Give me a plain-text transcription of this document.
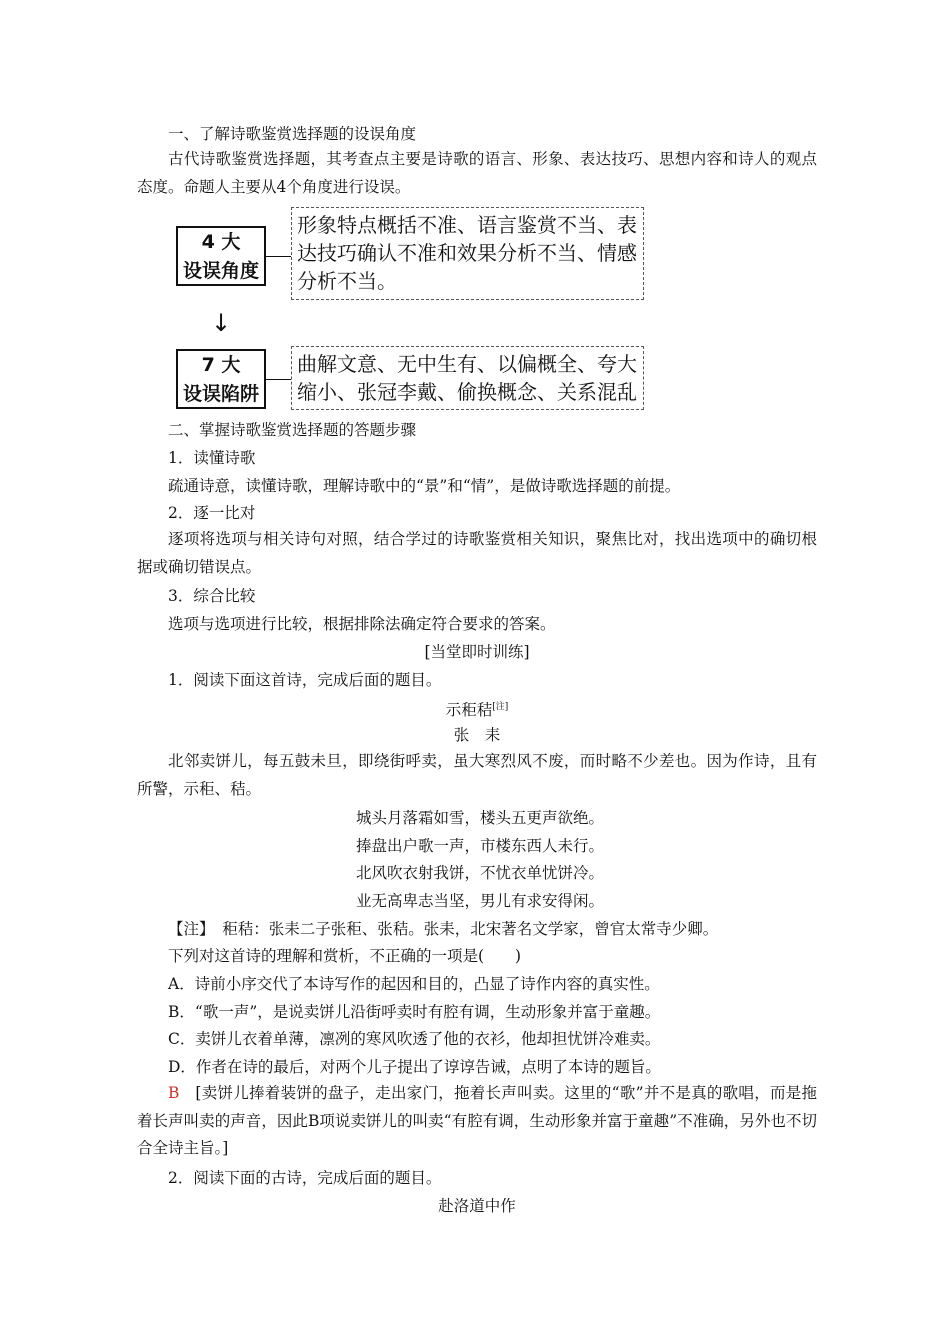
一、了解诗歌鉴赏选择题的设误角度
古代诗歌鉴赏选择题，其考查点主要是诗歌的语言、形象、表达技巧、思想内容和诗人的观点态度。命题人主要从4个角度进行设误。
4 大
设误角度
形象特点概括不准、语言鉴赏不当、表达技巧确认不准和效果分析不当、情感分析不当。
↓
7 大
设误陷阱
曲解文意、无中生有、以偏概全、夸大缩小、张冠李戴、偷换概念、关系混乱
二、掌握诗歌鉴赏选择题的答题步骤
1．读懂诗歌
疏通诗意，读懂诗歌，理解诗歌中的“景”和“情”，是做诗歌选择题的前提。
2．逐一比对
逐项将选项与相关诗句对照，结合学过的诗歌鉴赏相关知识，聚焦比对，找出选项中的确切根据或确切错误点。
3．综合比较
选项与选项进行比较，根据排除法确定符合要求的答案。
[当堂即时训练]
1．阅读下面这首诗，完成后面的题目。
示秬秸[注]
张　耒
北邻卖饼儿，每五鼓未旦，即绕街呼卖，虽大寒烈风不废，而时略不少差也。因为作诗，且有所警，示秬、秸。
城头月落霜如雪，楼头五更声欲绝。
捧盘出户歌一声，市楼东西人未行。
北风吹衣射我饼，不忧衣单忧饼冷。
业无高卑志当坚，男儿有求安得闲。
【注】　秬秸：张耒二子张秬、张秸。张耒，北宋著名文学家，曾官太常寺少卿。
下列对这首诗的理解和赏析，不正确的一项是(　　)
A．诗前小序交代了本诗写作的起因和目的，凸显了诗作内容的真实性。
B．“歌一声”，是说卖饼儿沿街呼卖时有腔有调，生动形象并富于童趣。
C．卖饼儿衣着单薄，凛冽的寒风吹透了他的衣衫，他却担忧饼冷难卖。
D．作者在诗的最后，对两个儿子提出了谆谆告诫，点明了本诗的题旨。
B　[卖饼儿捧着装饼的盘子，走出家门，拖着长声叫卖。这里的“歌”并不是真的歌唱，而是拖着长声叫卖的声音，因此B项说卖饼儿的叫卖“有腔有调，生动形象并富于童趣”不准确，另外也不切合全诗主旨。]
2．阅读下面的古诗，完成后面的题目。
赴洛道中作
